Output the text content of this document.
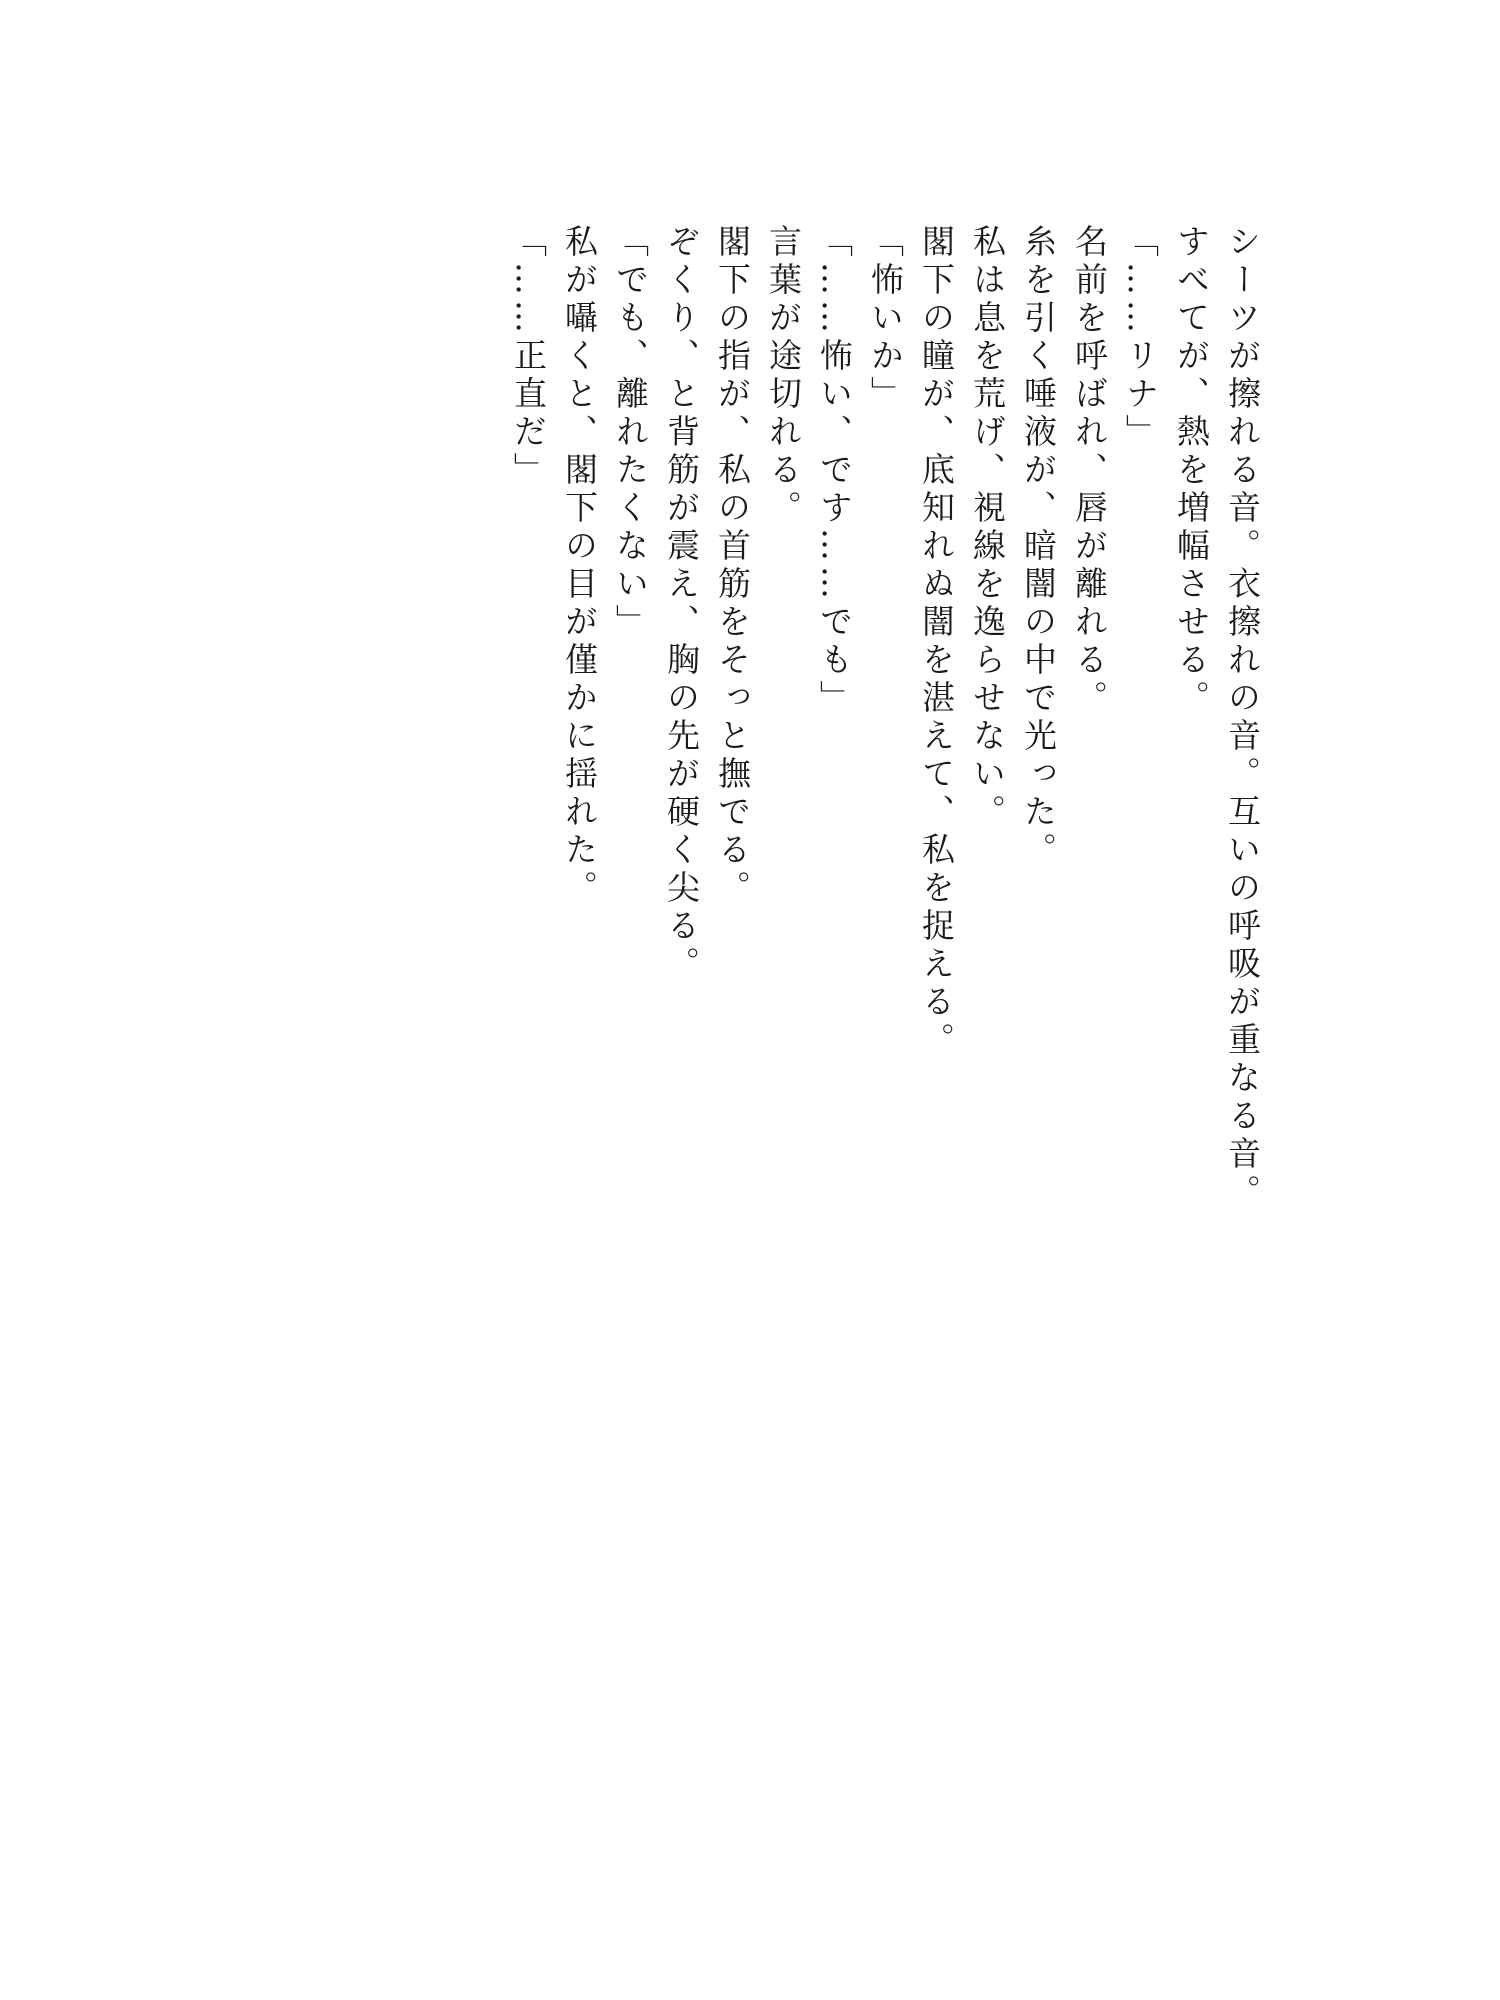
シーツが擦れる音。衣擦れの音。互いの呼吸が重なる音。

すべてが、熱を増幅させる。

「……リナ」

名前を呼ばれ、唇が離れる。

糸を引く唾液が、暗闇の中で光った。

私は息を荒げ、視線を逸らせない。

閣下の瞳が、底知れぬ闇を湛えて、私を捉える。

「怖いか」

「……怖い、です……でも」

言葉が途切れる。

閣下の指が、私の首筋をそっと撫でる。

ぞくり、と背筋が震え、胸の先が硬く尖る。

「でも、離れたくない」

私が囁くと、閣下の目が僅かに揺れた。

「……正直だ」
